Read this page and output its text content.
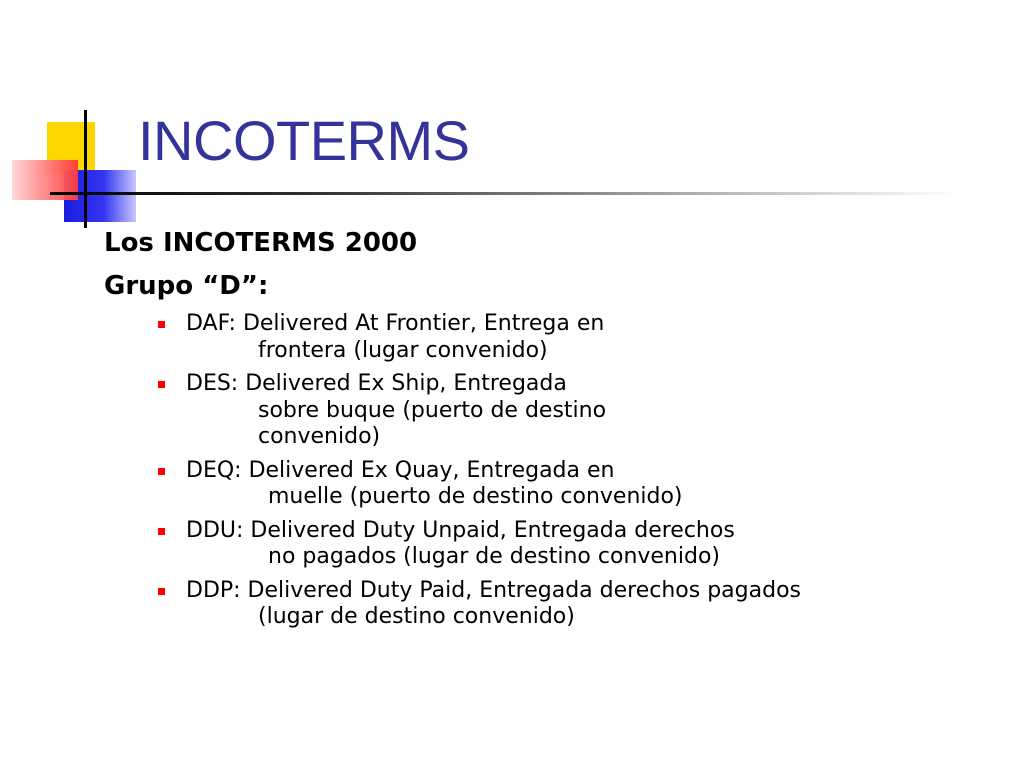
INCOTERMS
Los INCOTERMS 2000
Grupo “D”:
DAF: Delivered At Frontier, Entrega en
frontera (lugar convenido)
DES: Delivered Ex Ship, Entregada
sobre buque (puerto de destino
convenido)
DEQ: Delivered Ex Quay, Entregada en
muelle (puerto de destino convenido)
DDU: Delivered Duty Unpaid, Entregada derechos
no pagados (lugar de destino convenido)
DDP: Delivered Duty Paid, Entregada derechos pagados
(lugar de destino convenido)
